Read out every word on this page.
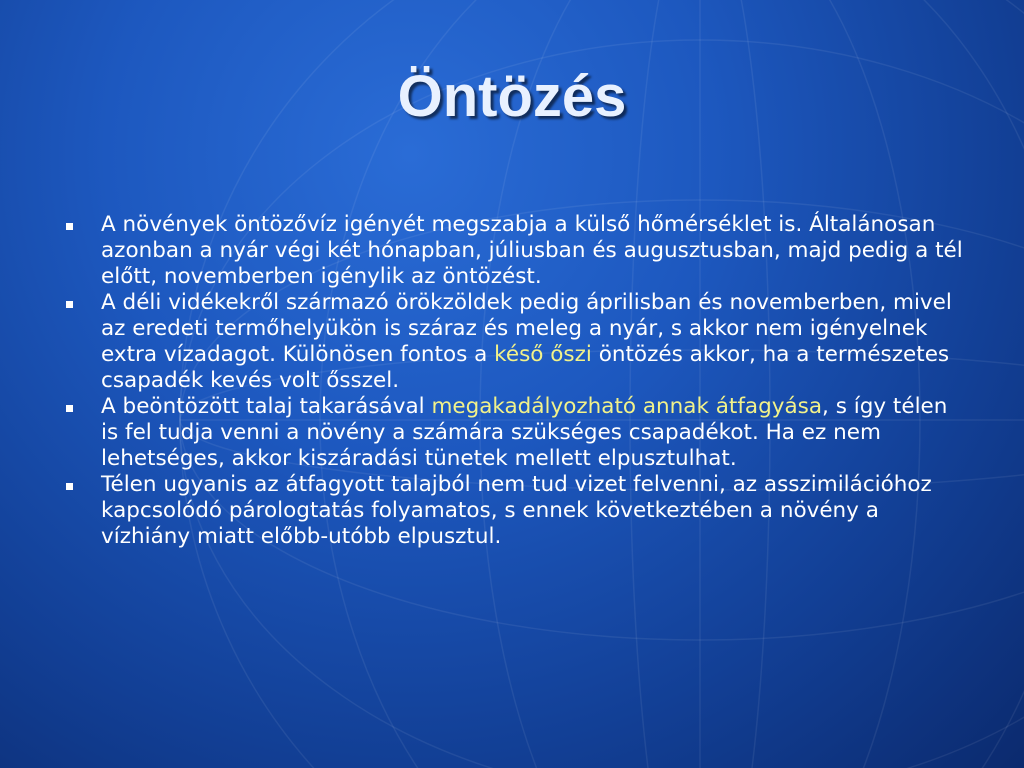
Öntözés
A növények öntözővíz igényét megszabja a külső hőmérséklet is. Általánosan azonban a nyár végi két hónapban, júliusban és augusztusban, majd pedig a tél előtt, novemberben igénylik az öntözést.
A déli vidékekről származó örökzöldek pedig áprilisban és novemberben, mivel az eredeti termőhelyükön is száraz és meleg a nyár, s akkor nem igényelnek extra vízadagot. Különösen fontos a késő őszi öntözés akkor, ha a természetes csapadék kevés volt ősszel.
A beöntözött talaj takarásával megakadályozható annak átfagyása, s így télen is fel tudja venni a növény a számára szükséges csapadékot. Ha ez nem lehetséges, akkor kiszáradási tünetek mellett elpusztulhat.
Télen ugyanis az átfagyott talajból nem tud vizet felvenni, az asszimilációhoz kapcsolódó párologtatás folyamatos, s ennek következtében a növény a vízhiány miatt előbb-utóbb elpusztul.
